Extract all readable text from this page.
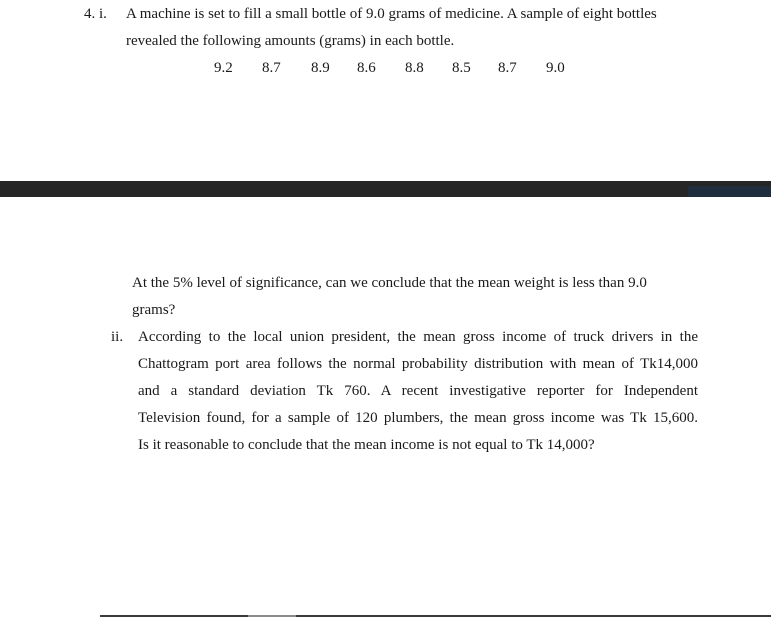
4. i. A machine is set to fill a small bottle of 9.0 grams of medicine. A sample of eight bottles
revealed the following amounts (grams) in each bottle.
9.2 8.7 8.9 8.6 8.8 8.5 8.7 9.0
At the 5% level of significance, can we conclude that the mean weight is less than 9.0
grams?
ii. According to the local union president, the mean gross income of truck drivers in the
Chattogram port area follows the normal probability distribution with mean of Tk14,000
and a standard deviation Tk 760. A recent investigative reporter for Independent
Television found, for a sample of 120 plumbers, the mean gross income was Tk 15,600.
Is it reasonable to conclude that the mean income is not equal to Tk 14,000?
